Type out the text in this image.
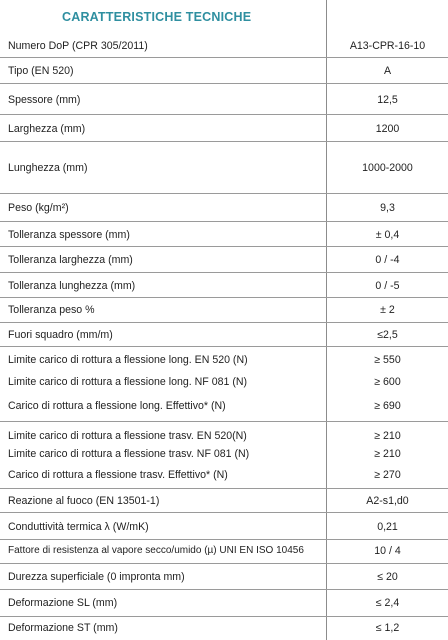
CARATTERISTICHE TECNICHE
Numero DoP (CPR 305/2011)	A13-CPR-16-10
Tipo (EN 520)	A
Spessore (mm)	12,5
Larghezza (mm)	1200
Lunghezza (mm)	1000-2000
Peso (kg/m²)	9,3
Tolleranza spessore (mm)	± 0,4
Tolleranza larghezza (mm)	0 / -4
Tolleranza lunghezza (mm)	0 / -5
Tolleranza peso %	± 2
Fuori squadro (mm/m)	≤2,5
Limite carico di rottura a flessione long. EN 520 (N)	≥ 550
Limite carico di rottura a flessione long. NF 081 (N)	≥ 600
Carico di rottura a flessione long. Effettivo* (N)	≥ 690
Limite carico di rottura a flessione trasv. EN 520(N)	≥ 210
Limite carico di rottura a flessione trasv. NF 081 (N)	≥ 210
Carico di rottura a flessione trasv. Effettivo* (N)	≥ 270
Reazione al fuoco (EN 13501-1)	A2-s1,d0
Conduttività termica λ (W/mK)	0,21
Fattore di resistenza al vapore secco/umido (µ) UNI EN ISO 10456	10 / 4
Durezza superficiale (0 impronta mm)	≤ 20
Deformazione SL (mm)	≤ 2,4
Deformazione ST (mm)	≤ 1,2
